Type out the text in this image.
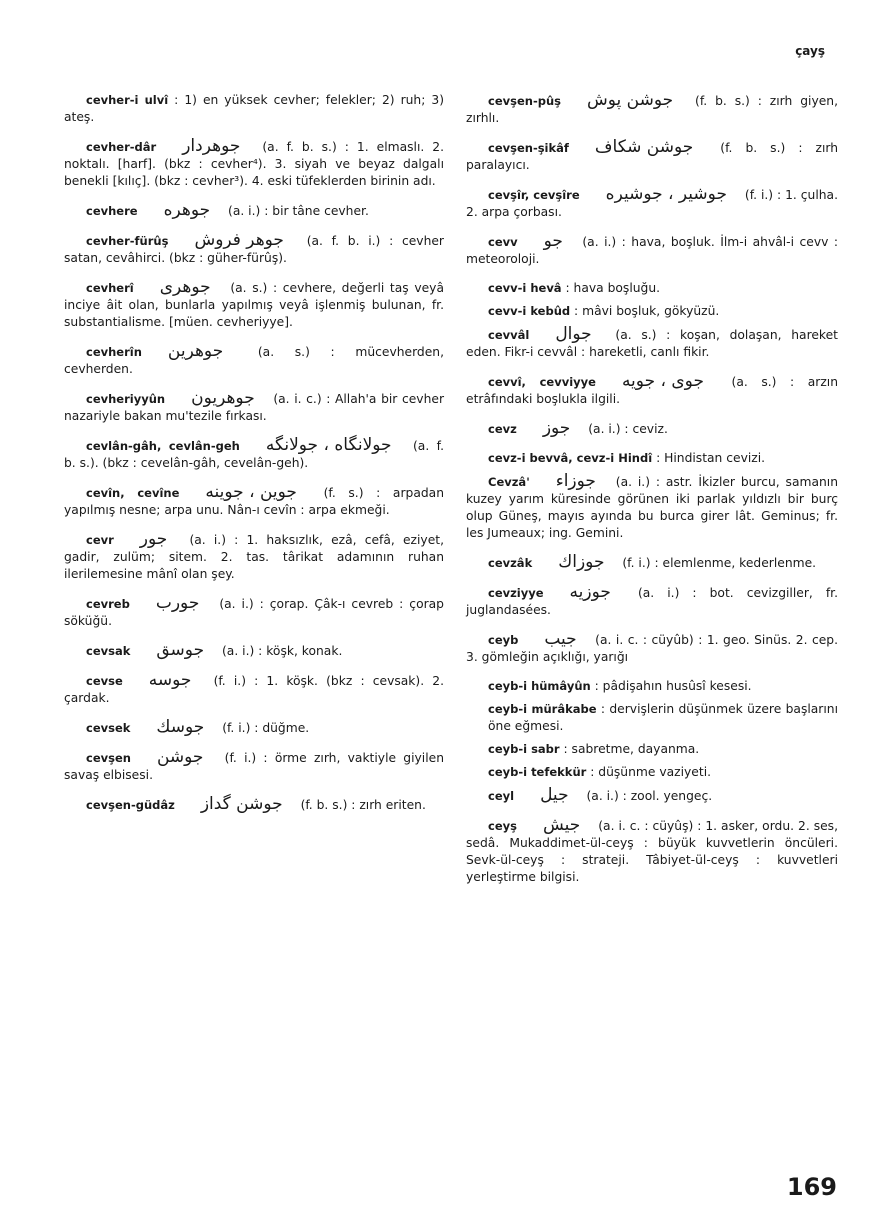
çayş
cevher-i ulvî : 1) en yüksek cevher; felekler; 2) ruh; 3) ateş.
cevher-dâr جوهردار (a. f. b. s.) : 1. elmaslı. 2. noktalı. [harf]. (bkz : cevher⁴). 3. siyah ve beyaz dalgalı benekli [kılıç]. (bkz : cevher³). 4. eski tüfeklerden birinin adı.
cevhere جوهره (a. i.) : bir tâne cevher.
cevher-fürûş جوهر فروش (a. f. b. i.) : cevher satan, cevâhirci. (bkz : güher-fürûş).
cevherî جوهرى (a. s.) : cevhere, değerli taş veyâ inciye âit olan, bunlarla yapılmış veyâ işlenmiş bulunan, fr. substantialisme. [müen. cevheriyye].
cevherîn جوهرين (a. s.) : mücevherden, cevherden.
cevheriyyûn جوهريون (a. i. c.) : Allah'a bir cevher nazariyle bakan mu'tezile fırkası.
cevlân-gâh, cevlân-geh جولانگاه ، جولانگه (a. f. b. s.). (bkz : cevelân-gâh, cevelân-geh).
cevîn, cevîne جوين ، جوينه (f. s.) : arpadan yapılmış nesne; arpa unu. Nân-ı cevîn : arpa ekmeği.
cevr جور (a. i.) : 1. haksızlık, ezâ, cefâ, eziyet, gadir, zulüm; sitem. 2. tas. târikat adamının ruhan ilerilemesine mânî olan şey.
cevreb جورب (a. i.) : çorap. Çâk-ı cevreb : çorap söküğü.
cevsak جوسق (a. i.) : köşk, konak.
cevse جوسه (f. i.) : 1. köşk. (bkz : cevsak). 2. çardak.
cevsek جوسك (f. i.) : düğme.
cevşen جوشن (f. i.) : örme zırh, vaktiyle giyilen savaş elbisesi.
cevşen-güdâz جوشن گداز (f. b. s.) : zırh eriten.
cevşen-pûş جوشن پوش (f. b. s.) : zırh giyen, zırhlı.
cevşen-şikâf جوشن شكاف (f. b. s.) : zırh paralayıcı.
cevşîr, cevşîre جوشير ، جوشيره (f. i.) : 1. çulha. 2. arpa çorbası.
cevv جو (a. i.) : hava, boşluk. İlm-i ahvâl-i cevv : meteoroloji.
cevv-i hevâ : hava boşluğu.
cevv-i kebûd : mâvi boşluk, gökyüzü.
cevvâl جوال (a. s.) : koşan, dolaşan, hareket eden. Fikr-i cevvâl : hareketli, canlı fikir.
cevvî, cevviyye جوى ، جويه (a. s.) : arzın etrâfındaki boşlukla ilgili.
cevz جوز (a. i.) : ceviz.
cevz-i bevvâ, cevz-i Hindî : Hindistan cevizi.
Cevzâ' جوزاء (a. i.) : astr. İkizler burcu, samanın kuzey yarım küresinde görünen iki parlak yıldızlı bir burç olup Güneş, mayıs ayında bu burca girer lât. Geminus; fr. les Jumeaux; ing. Gemini.
cevzâk جوزاك (f. i.) : elemlenme, kederlenme.
cevziyye جوزيه (a. i.) : bot. cevizgiller, fr. juglandasées.
ceyb جيب (a. i. c. : cüyûb) : 1. geo. Sinüs. 2. cep. 3. gömleğin açıklığı, yarığı
ceyb-i hümâyûn : pâdişahın husûsî kesesi.
ceyb-i mürâkabe : dervişlerin düşünmek üzere başlarını öne eğmesi.
ceyb-i sabr : sabretme, dayanma.
ceyb-i tefekkür : düşünme vaziyeti.
ceyl جيل (a. i.) : zool. yengeç.
ceyş جيش (a. i. c. : cüyûş) : 1. asker, ordu. 2. ses, sedâ. Mukaddimet-ül-ceyş : büyük kuvvetlerin öncüleri. Sevk-ül-ceyş : strateji. Tâbiyet-ül-ceyş : kuvvetleri yerleştirme bilgisi.
169
